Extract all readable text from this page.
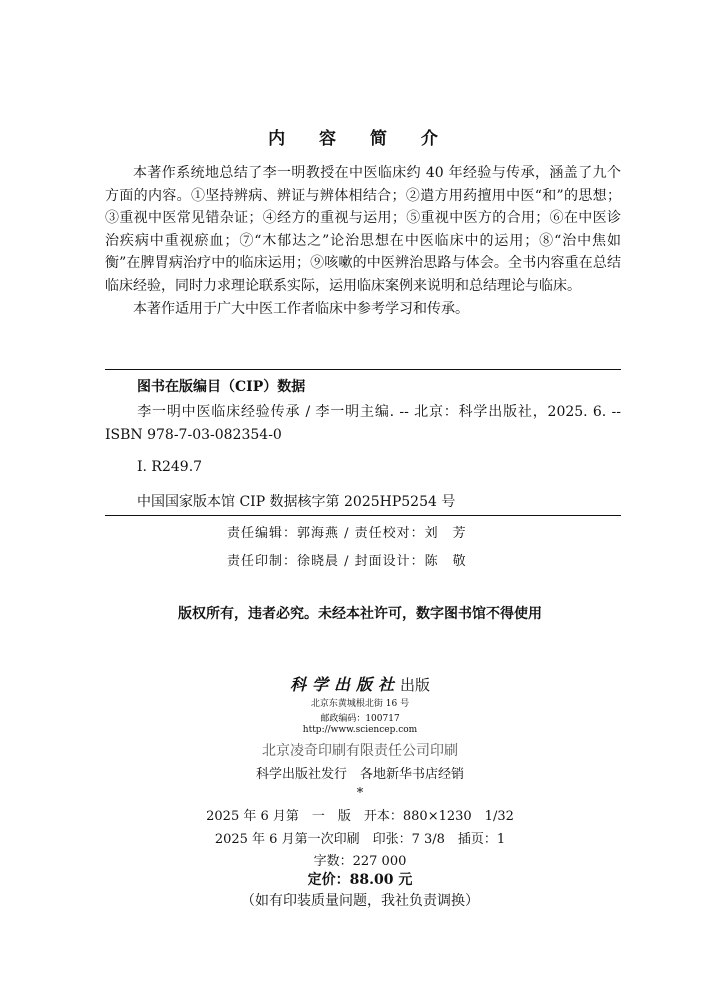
内 容 简 介

本著作系统地总结了李一明教授在中医临床约 40 年经验与传承，涵盖了九个方面的内容。①坚持辨病、辨证与辨体相结合；②遣方用药擅用中医“和”的思想；③重视中医常见错杂证；④经方的重视与运用；⑤重视中医方的合用；⑥在中医诊治疾病中重视瘀血；⑦“木郁达之”论治思想在中医临床中的运用；⑧“治中焦如衡”在脾胃病治疗中的临床运用；⑨咳嗽的中医辨治思路与体会。全书内容重在总结临床经验，同时力求理论联系实际，运用临床案例来说明和总结理论与临床。

本著作适用于广大中医工作者临床中参考学习和传承。

图书在版编目（CIP）数据
李一明中医临床经验传承 / 李一明主编. -- 北京：科学出版社，2025. 6. -- ISBN 978-7-03-082354-0
Ⅰ. R249.7
中国国家版本馆 CIP 数据核字第 2025HP5254 号
责任编辑：郭海燕 / 责任校对：刘　芳
责任印制：徐晓晨 / 封面设计：陈　敬
版权所有，违者必究。未经本社许可，数字图书馆不得使用
科学出版社出版
北京东黄城根北街 16 号
邮政编码：100717
http://www.sciencep.com
北京凌奇印刷有限责任公司印刷
科学出版社发行　各地新华书店经销
*
2025 年 6 月第　一　版　开本：880×1230　1/32
2025 年 6 月第一次印刷　印张：7 3/8　插页：1
字数：227 000
定价：88.00 元
（如有印装质量问题，我社负责调换）
